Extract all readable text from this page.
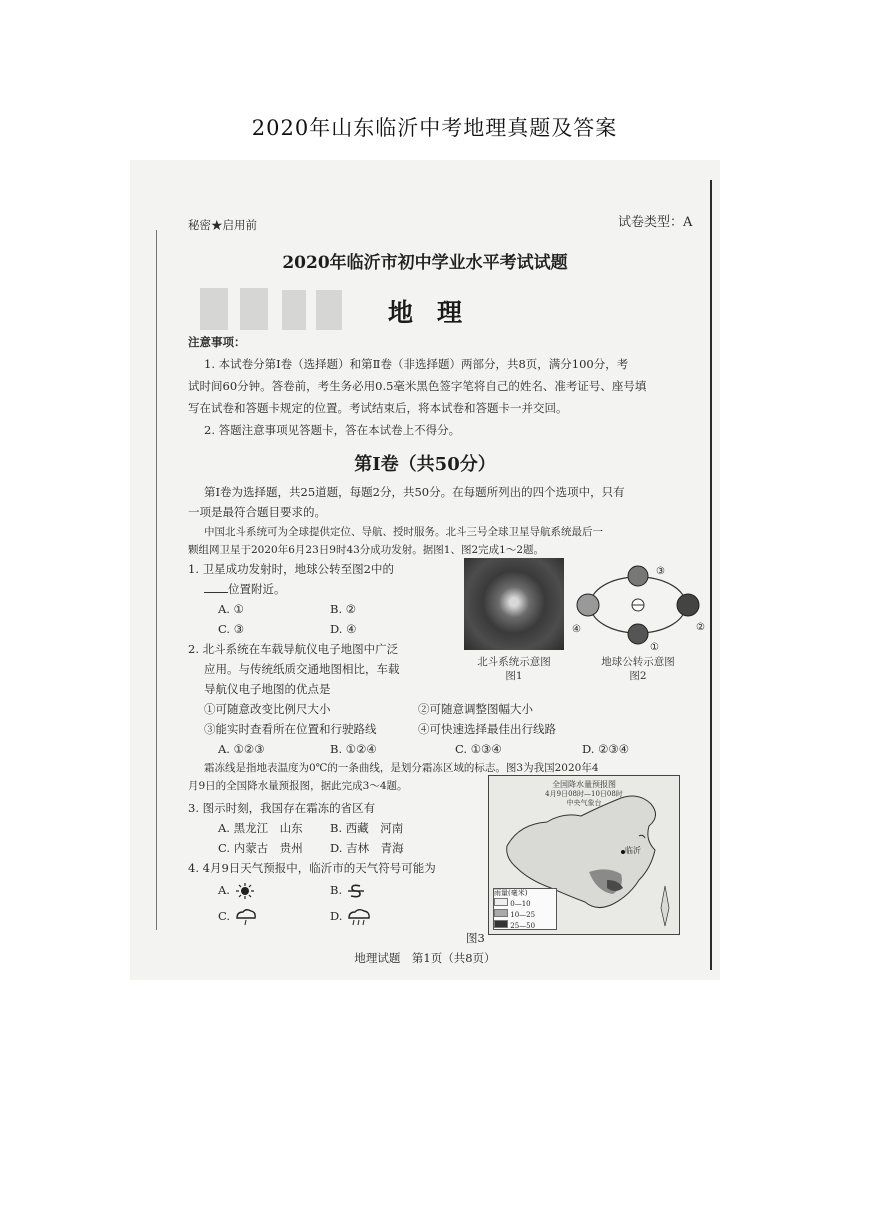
2020年山东临沂中考地理真题及答案
秘密★启用前	试卷类型：A
2020年临沂市初中学业水平考试试题
地理
注意事项：
1. 本试卷分第Ⅰ卷（选择题）和第Ⅱ卷（非选择题）两部分，共8页，满分100分，考
试时间60分钟。答卷前，考生务必用0.5毫米黑色签字笔将自己的姓名、准考证号、座号填
写在试卷和答题卡规定的位置。考试结束后，将本试卷和答题卡一并交回。
2. 答题注意事项见答题卡，答在本试卷上不得分。
第Ⅰ卷（共50分）
第Ⅰ卷为选择题，共25道题，每题2分，共50分。在每题所列出的四个选项中，只有
一项是最符合题目要求的。
中国北斗系统可为全球提供定位、导航、授时服务。北斗三号全球卫星导航系统最后一
颗组网卫星于2020年6月23日9时43分成功发射。据图1、图2完成1～2题。
1. 卫星成功发射时，地球公转至图2中的
位置附近。
A. ①	B. ②
C. ③	D. ④
北斗系统示意图
图1
③
④	②
①
地球公转示意图
图2
2. 北斗系统在车载导航仪电子地图中广泛
应用。与传统纸质交通地图相比，车载
导航仪电子地图的优点是
①可随意改变比例尺大小	②可随意调整图幅大小
③能实时查看所在位置和行驶路线	④可快速选择最佳出行线路
A. ①②③	B. ①②④	C. ①③④	D. ②③④
霜冻线是指地表温度为0℃的一条曲线，是划分霜冻区域的标志。图3为我国2020年4
月9日的全国降水量预报图，据此完成3～4题。
3. 图示时刻，我国存在霜冻的省区有
A. 黑龙江　山东 B. 西藏　河南
C. 内蒙古　贵州 D. 吉林　青海
4. 4月9日天气预报中，临沂市的天气符号可能为
A.	B.
C.	D.
全国降水量预报图
4月9日08时—10日08时
中央气象台
临沂
雨量(毫米)
0—10
10—25
25—50
图3
地理试题　第1页（共8页）
